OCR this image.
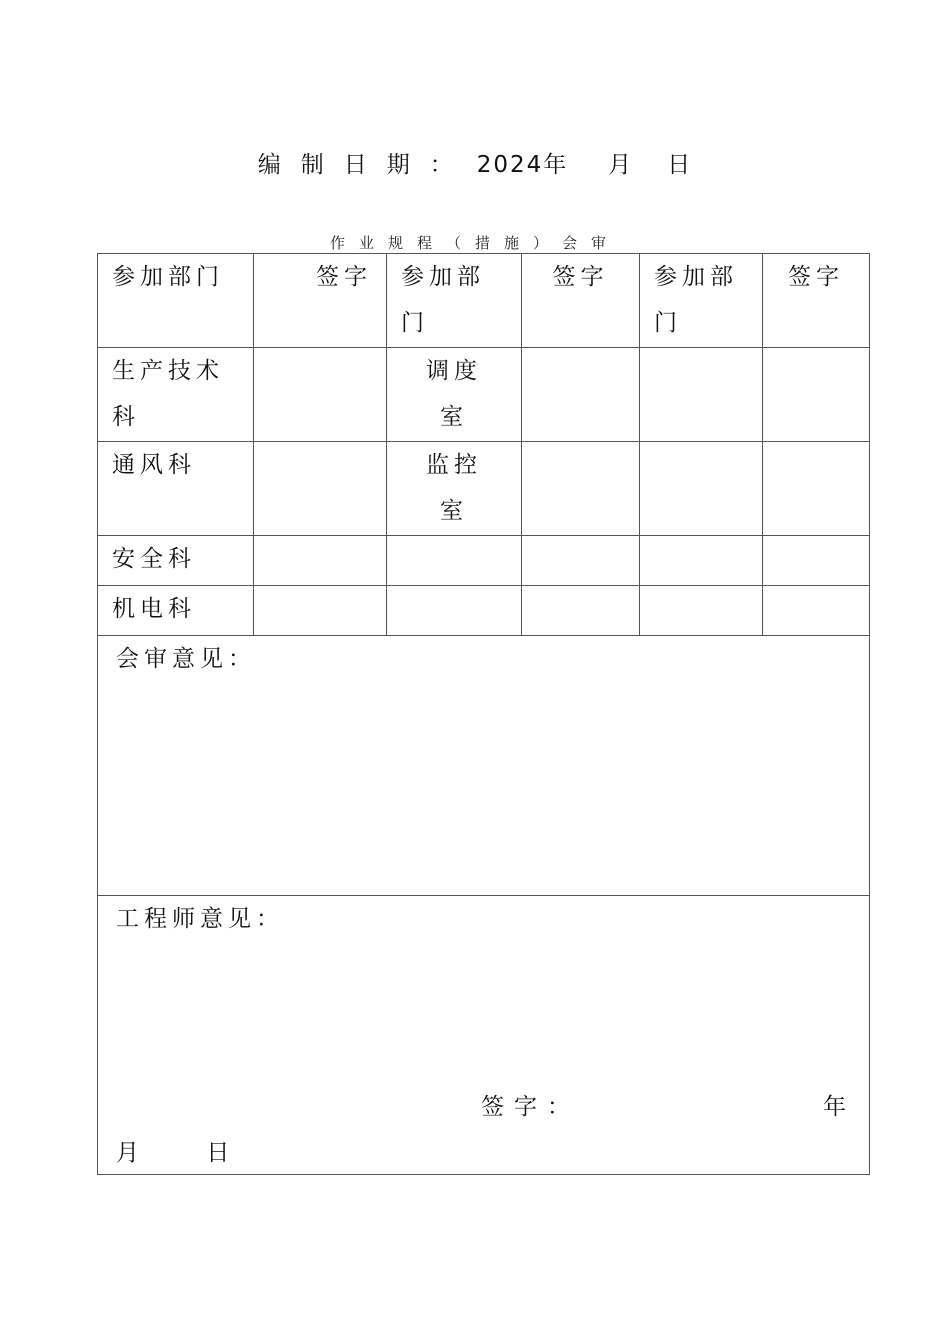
编制日期： 2024年 月 日
作业规程（措施）会审
参加部门	签字	参加部门	签字	参加部门	签字
生产技术科		调度室			
通风科		监控室			
安全科					
机电科					
会审意见：					
工程师意见：
签字： 年
月 日					
